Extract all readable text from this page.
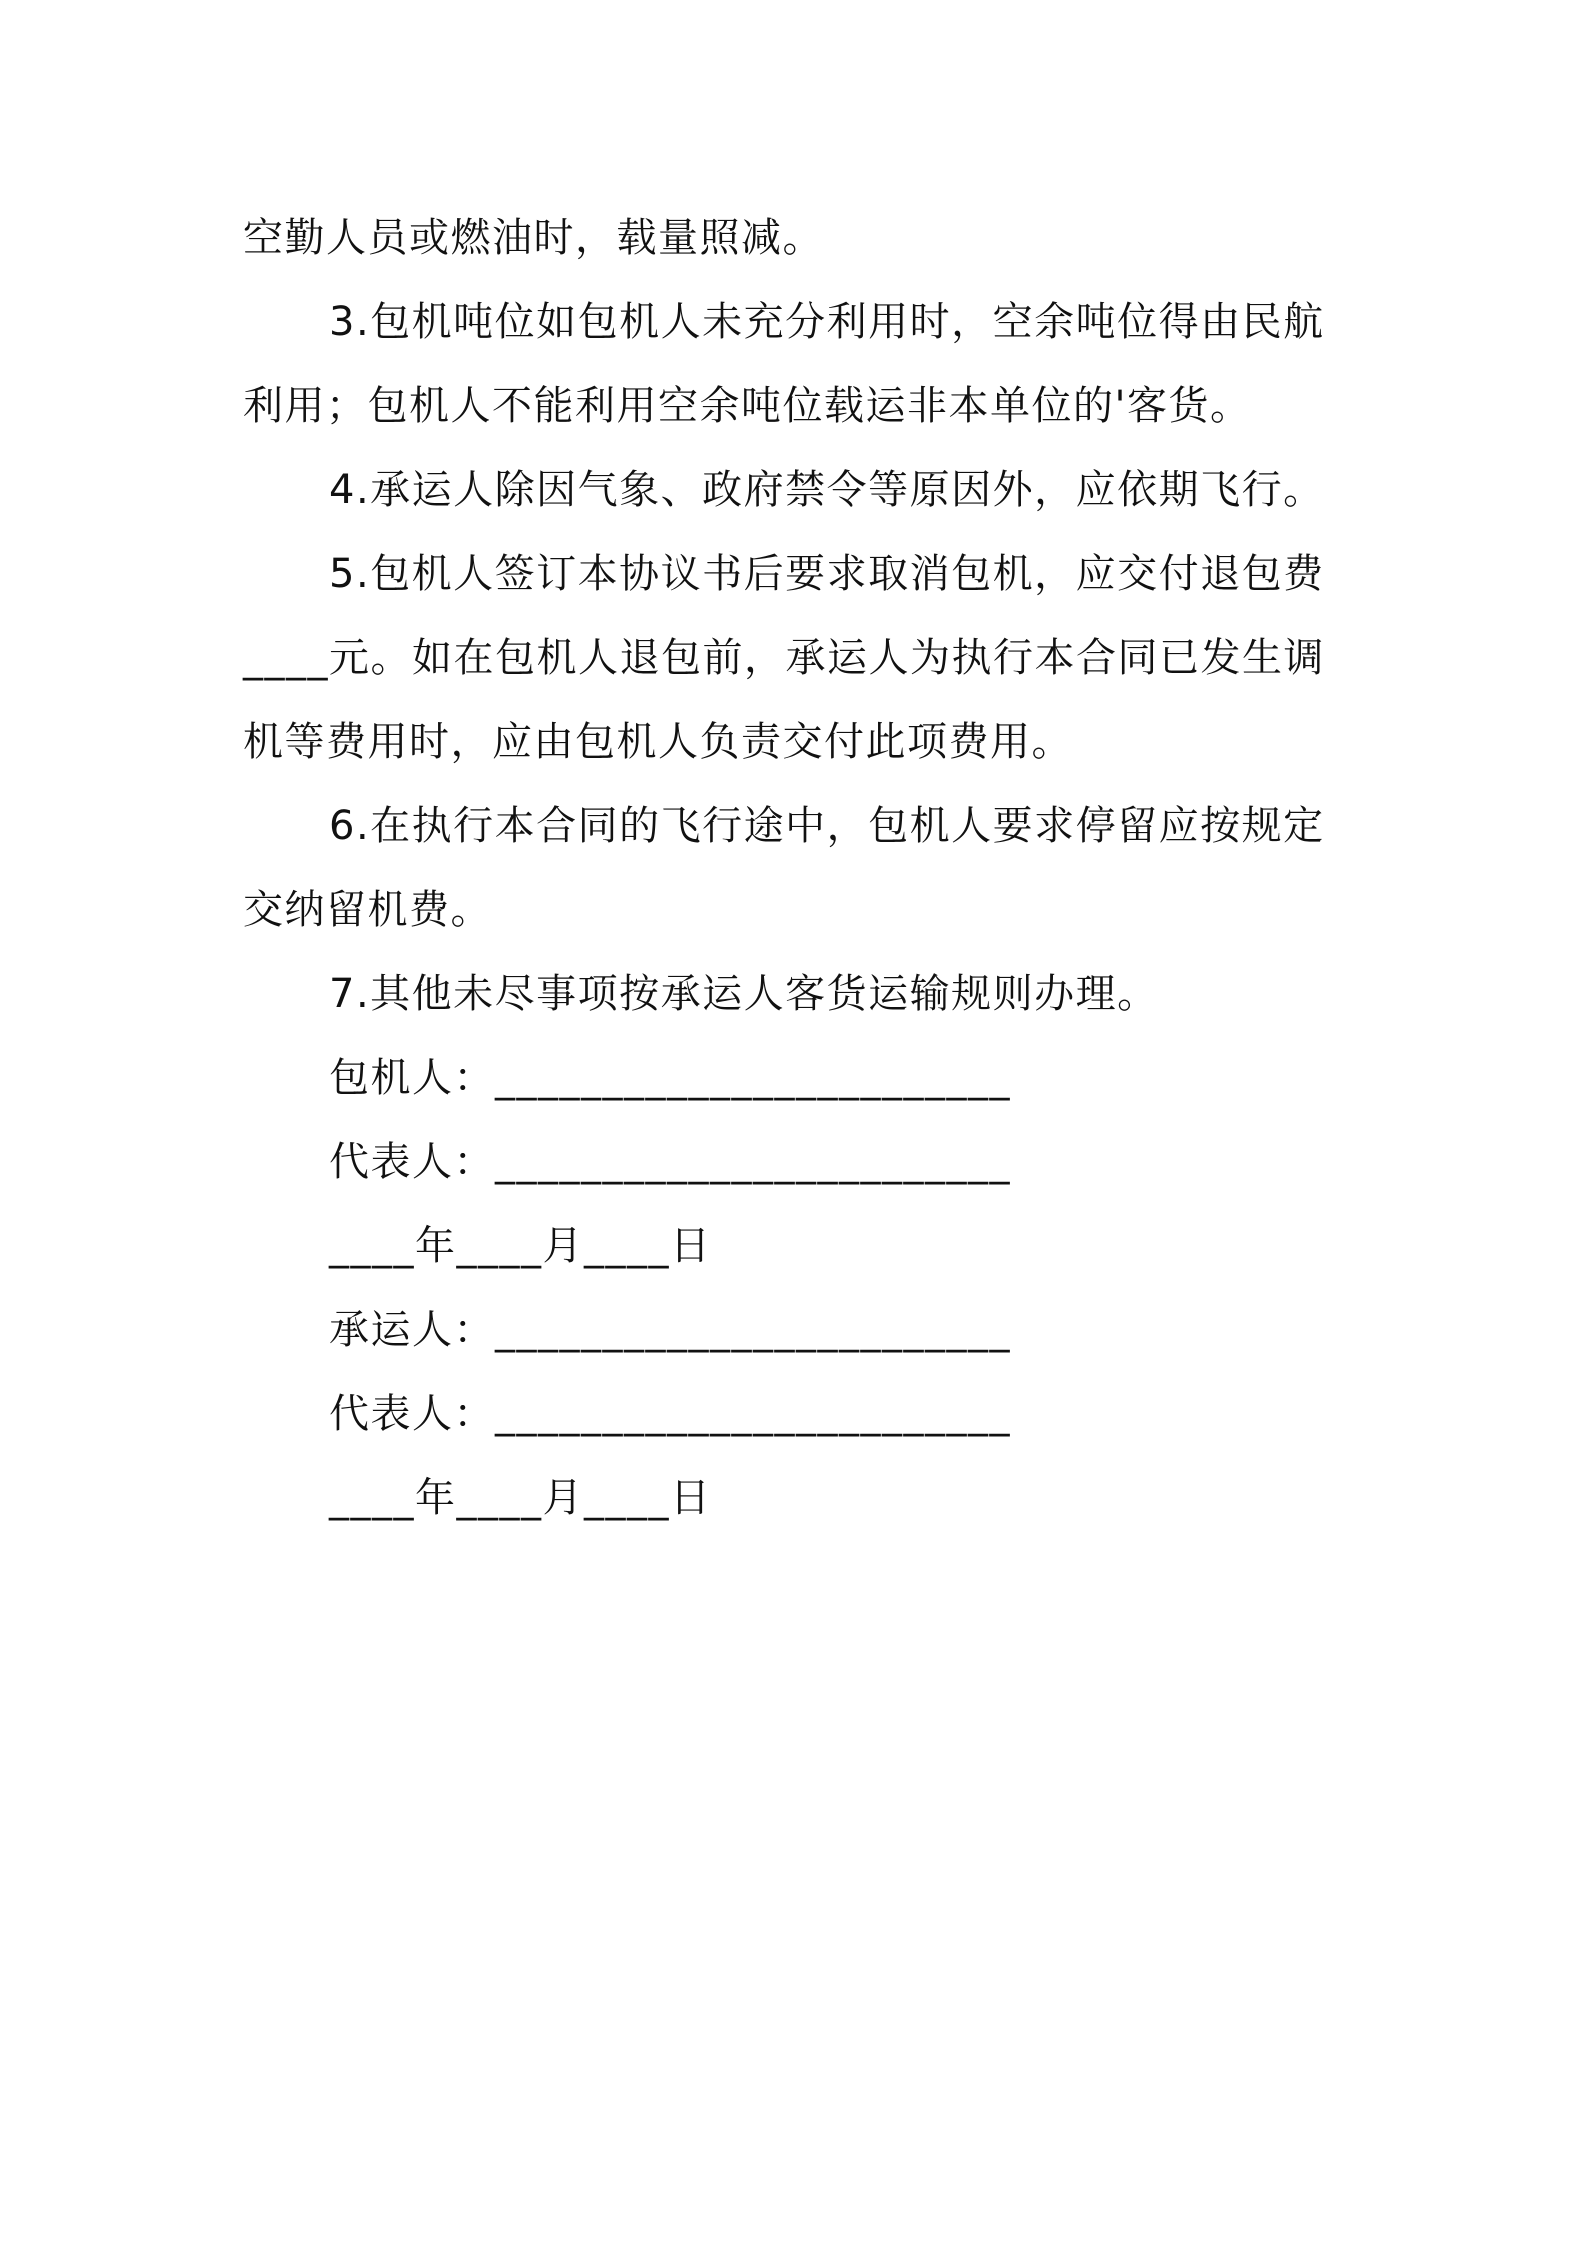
空勤人员或燃油时，载量照减。
3.包机吨位如包机人未充分利用时，空余吨位得由民航
利用；包机人不能利用空余吨位载运非本单位的'客货。
4.承运人除因气象、政府禁令等原因外，应依期飞行。
5.包机人签订本协议书后要求取消包机，应交付退包费
____元。如在包机人退包前，承运人为执行本合同已发生调
机等费用时，应由包机人负责交付此项费用。
6.在执行本合同的飞行途中，包机人要求停留应按规定
交纳留机费。
7.其他未尽事项按承运人客货运输规则办理。
包机人：________________________
代表人：________________________
____年____月____日
承运人：________________________
代表人：________________________
____年____月____日
